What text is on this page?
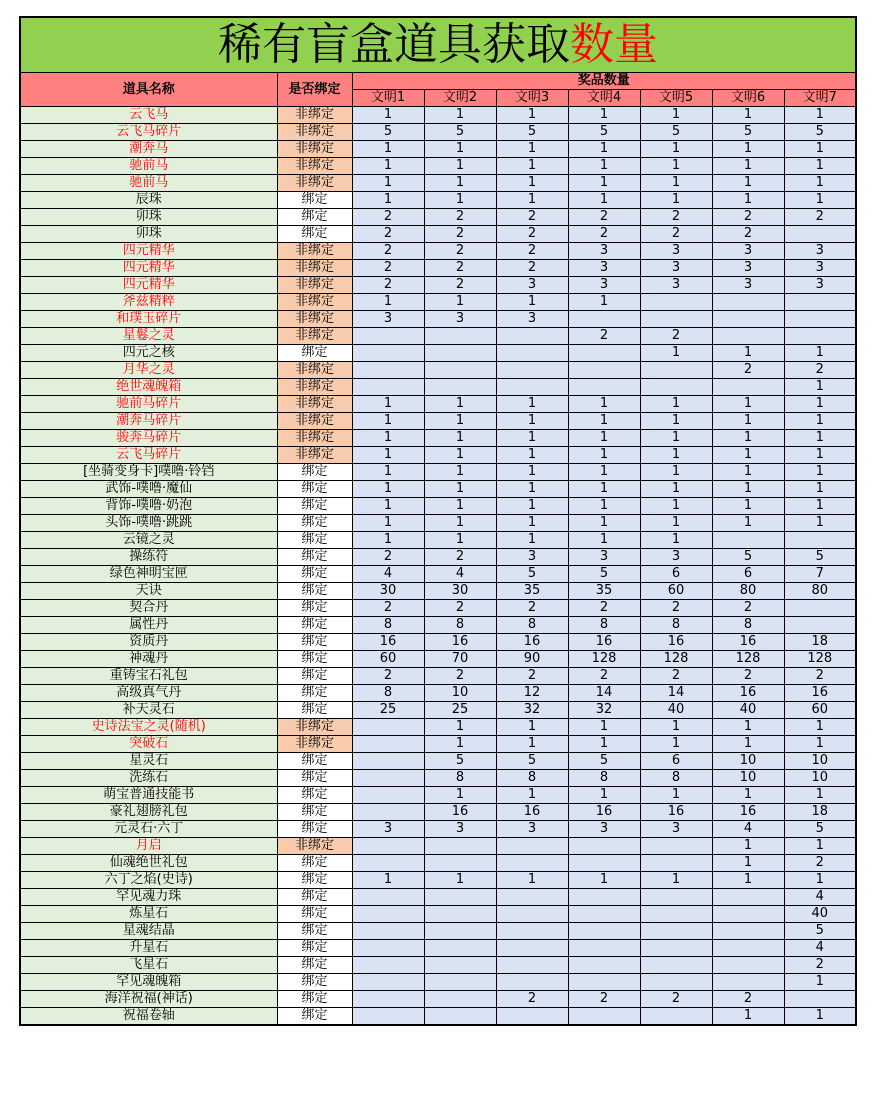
稀有盲盒道具获取数量								
道具名称	是否绑定	奖品数量						
		文明1	文明2	文明3	文明4	文明5	文明6	文明7
云飞马	非绑定	1	1	1	1	1	1	1
云飞马碎片	非绑定	5	5	5	5	5	5	5
潮奔马	非绑定	1	1	1	1	1	1	1
驰前马	非绑定	1	1	1	1	1	1	1
驰前马	非绑定	1	1	1	1	1	1	1
辰珠	绑定	1	1	1	1	1	1	1
卯珠	绑定	2	2	2	2	2	2	2
卯珠	绑定	2	2	2	2	2	2	
四元精华	非绑定	2	2	2	3	3	3	3
四元精华	非绑定	2	2	2	3	3	3	3
四元精华	非绑定	2	2	3	3	3	3	3
斧兹精粹	非绑定	1	1	1	1			
和璞玉碎片	非绑定	3	3	3				
星鬈之灵	非绑定				2	2		
四元之核	绑定					1	1	1
月华之灵	非绑定						2	2
绝世魂魄箱	非绑定							1
驰前马碎片	非绑定	1	1	1	1	1	1	1
潮奔马碎片	非绑定	1	1	1	1	1	1	1
骏奔马碎片	非绑定	1	1	1	1	1	1	1
云飞马碎片	非绑定	1	1	1	1	1	1	1
[坐骑变身卡]噗噜·铃铛	绑定	1	1	1	1	1	1	1
武饰-噗噜·魔仙	绑定	1	1	1	1	1	1	1
背饰-噗噜·奶泡	绑定	1	1	1	1	1	1	1
头饰-噗噜·跳跳	绑定	1	1	1	1	1	1	1
云镜之灵	绑定	1	1	1	1	1		
操练符	绑定	2	2	3	3	3	5	5
绿色神明宝匣	绑定	4	4	5	5	6	6	7
天诀	绑定	30	30	35	35	60	80	80
契合丹	绑定	2	2	2	2	2	2	
属性丹	绑定	8	8	8	8	8	8	
资质丹	绑定	16	16	16	16	16	16	18
神魂丹	绑定	60	70	90	128	128	128	128
重铸宝石礼包	绑定	2	2	2	2	2	2	2
高级真气丹	绑定	8	10	12	14	14	16	16
补天灵石	绑定	25	25	32	32	40	40	60
史诗法宝之灵(随机)	非绑定		1	1	1	1	1	1
突破石	非绑定		1	1	1	1	1	1
星灵石	绑定		5	5	5	6	10	10
洗练石	绑定		8	8	8	8	10	10
萌宝普通技能书	绑定		1	1	1	1	1	1
豪礼翅膀礼包	绑定		16	16	16	16	16	18
元灵石·六丁	绑定	3	3	3	3	3	4	5
月启	非绑定						1	1
仙魂绝世礼包	绑定						1	2
六丁之焰(史诗)	绑定	1	1	1	1	1	1	1
罕见魂力珠	绑定							4
炼星石	绑定							40
星魂结晶	绑定							5
升星石	绑定							4
飞星石	绑定							2
罕见魂魄箱	绑定							1
海洋祝福(神话)	绑定			2	2	2	2	
祝福卷轴	绑定						1	1
